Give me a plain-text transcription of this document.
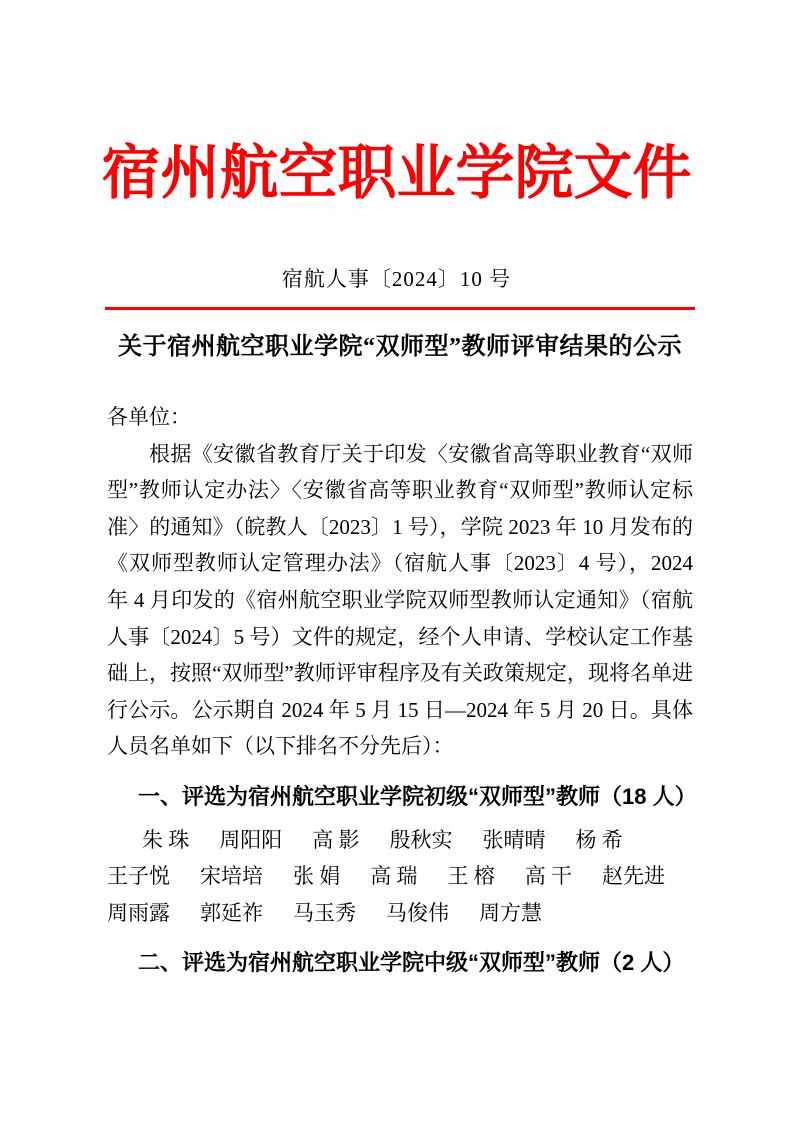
宿州航空职业学院文件
宿航人事〔2024〕10 号
关于宿州航空职业学院“双师型”教师评审结果的公示
各单位：

根据《安徽省教育厅关于印发〈安徽省高等职业教育“双师型”教师认定办法〉〈安徽省高等职业教育“双师型”教师认定标准〉的通知》（皖教人〔2023〕1 号），学院 2023 年 10 月发布的《双师型教师认定管理办法》（宿航人事〔2023〕4 号），2024 年 4 月印发的《宿州航空职业学院双师型教师认定通知》（宿航人事〔2024〕5 号）文件的规定，经个人申请、学校认定工作基础上，按照“双师型”教师评审程序及有关政策规定，现将名单进行公示。公示期自 2024 年 5 月 15 日—2024 年 5 月 20 日。具体人员名单如下（以下排名不分先后）：

一、评选为宿州航空职业学院初级“双师型”教师（18 人）
朱 珠 周阳阳 高 影 殷秋实 张晴晴 杨 希
王子悦 宋培培 张 娟 高 瑞 王 榕 高 干 赵先进
周雨露 郭延祚 马玉秀 马俊伟 周方慧
二、评选为宿州航空职业学院中级“双师型”教师（2 人）
